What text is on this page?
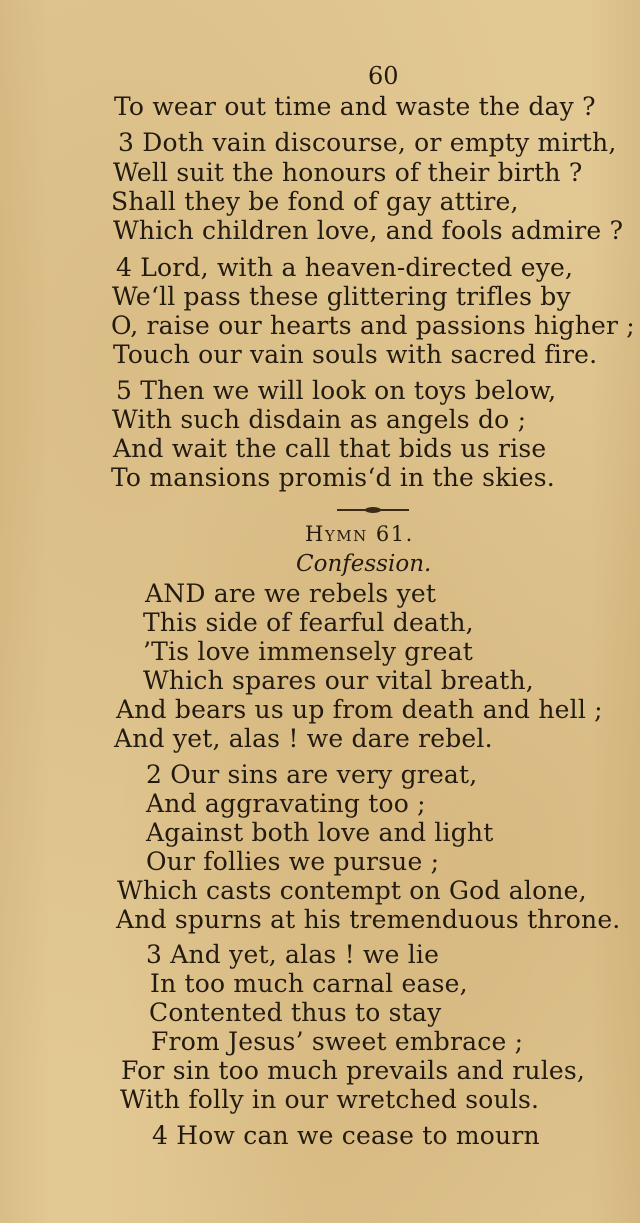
60
To wear out time and waste the day ?
3 Doth vain discourse, or empty mirth,
Well suit the honours of their birth ?
Shall they be fond of gay attire,
Which children love, and fools admire ?
4 Lord, with a heaven-directed eye,
We‘ll pass these glittering trifles by
O, raise our hearts and passions higher ;
Touch our vain souls with sacred fire.
5 Then we will look on toys below,
With such disdain as angels do ;
And wait the call that bids us rise
To mansions promis‘d in the skies.
Hymn 61.
Confession.
AND are we rebels yet
This side of fearful death,
’Tis love immensely great
Which spares our vital breath,
And bears us up from death and hell ;
And yet, alas ! we dare rebel.
2 Our sins are very great,
And aggravating too ;
Against both love and light
Our follies we pursue ;
Which casts contempt on God alone,
And spurns at his tremenduous throne.
3 And yet, alas ! we lie
In too much carnal ease,
Contented thus to stay
From Jesus’ sweet embrace ;
For sin too much prevails and rules,
With folly in our wretched souls.
4 How can we cease to mourn
